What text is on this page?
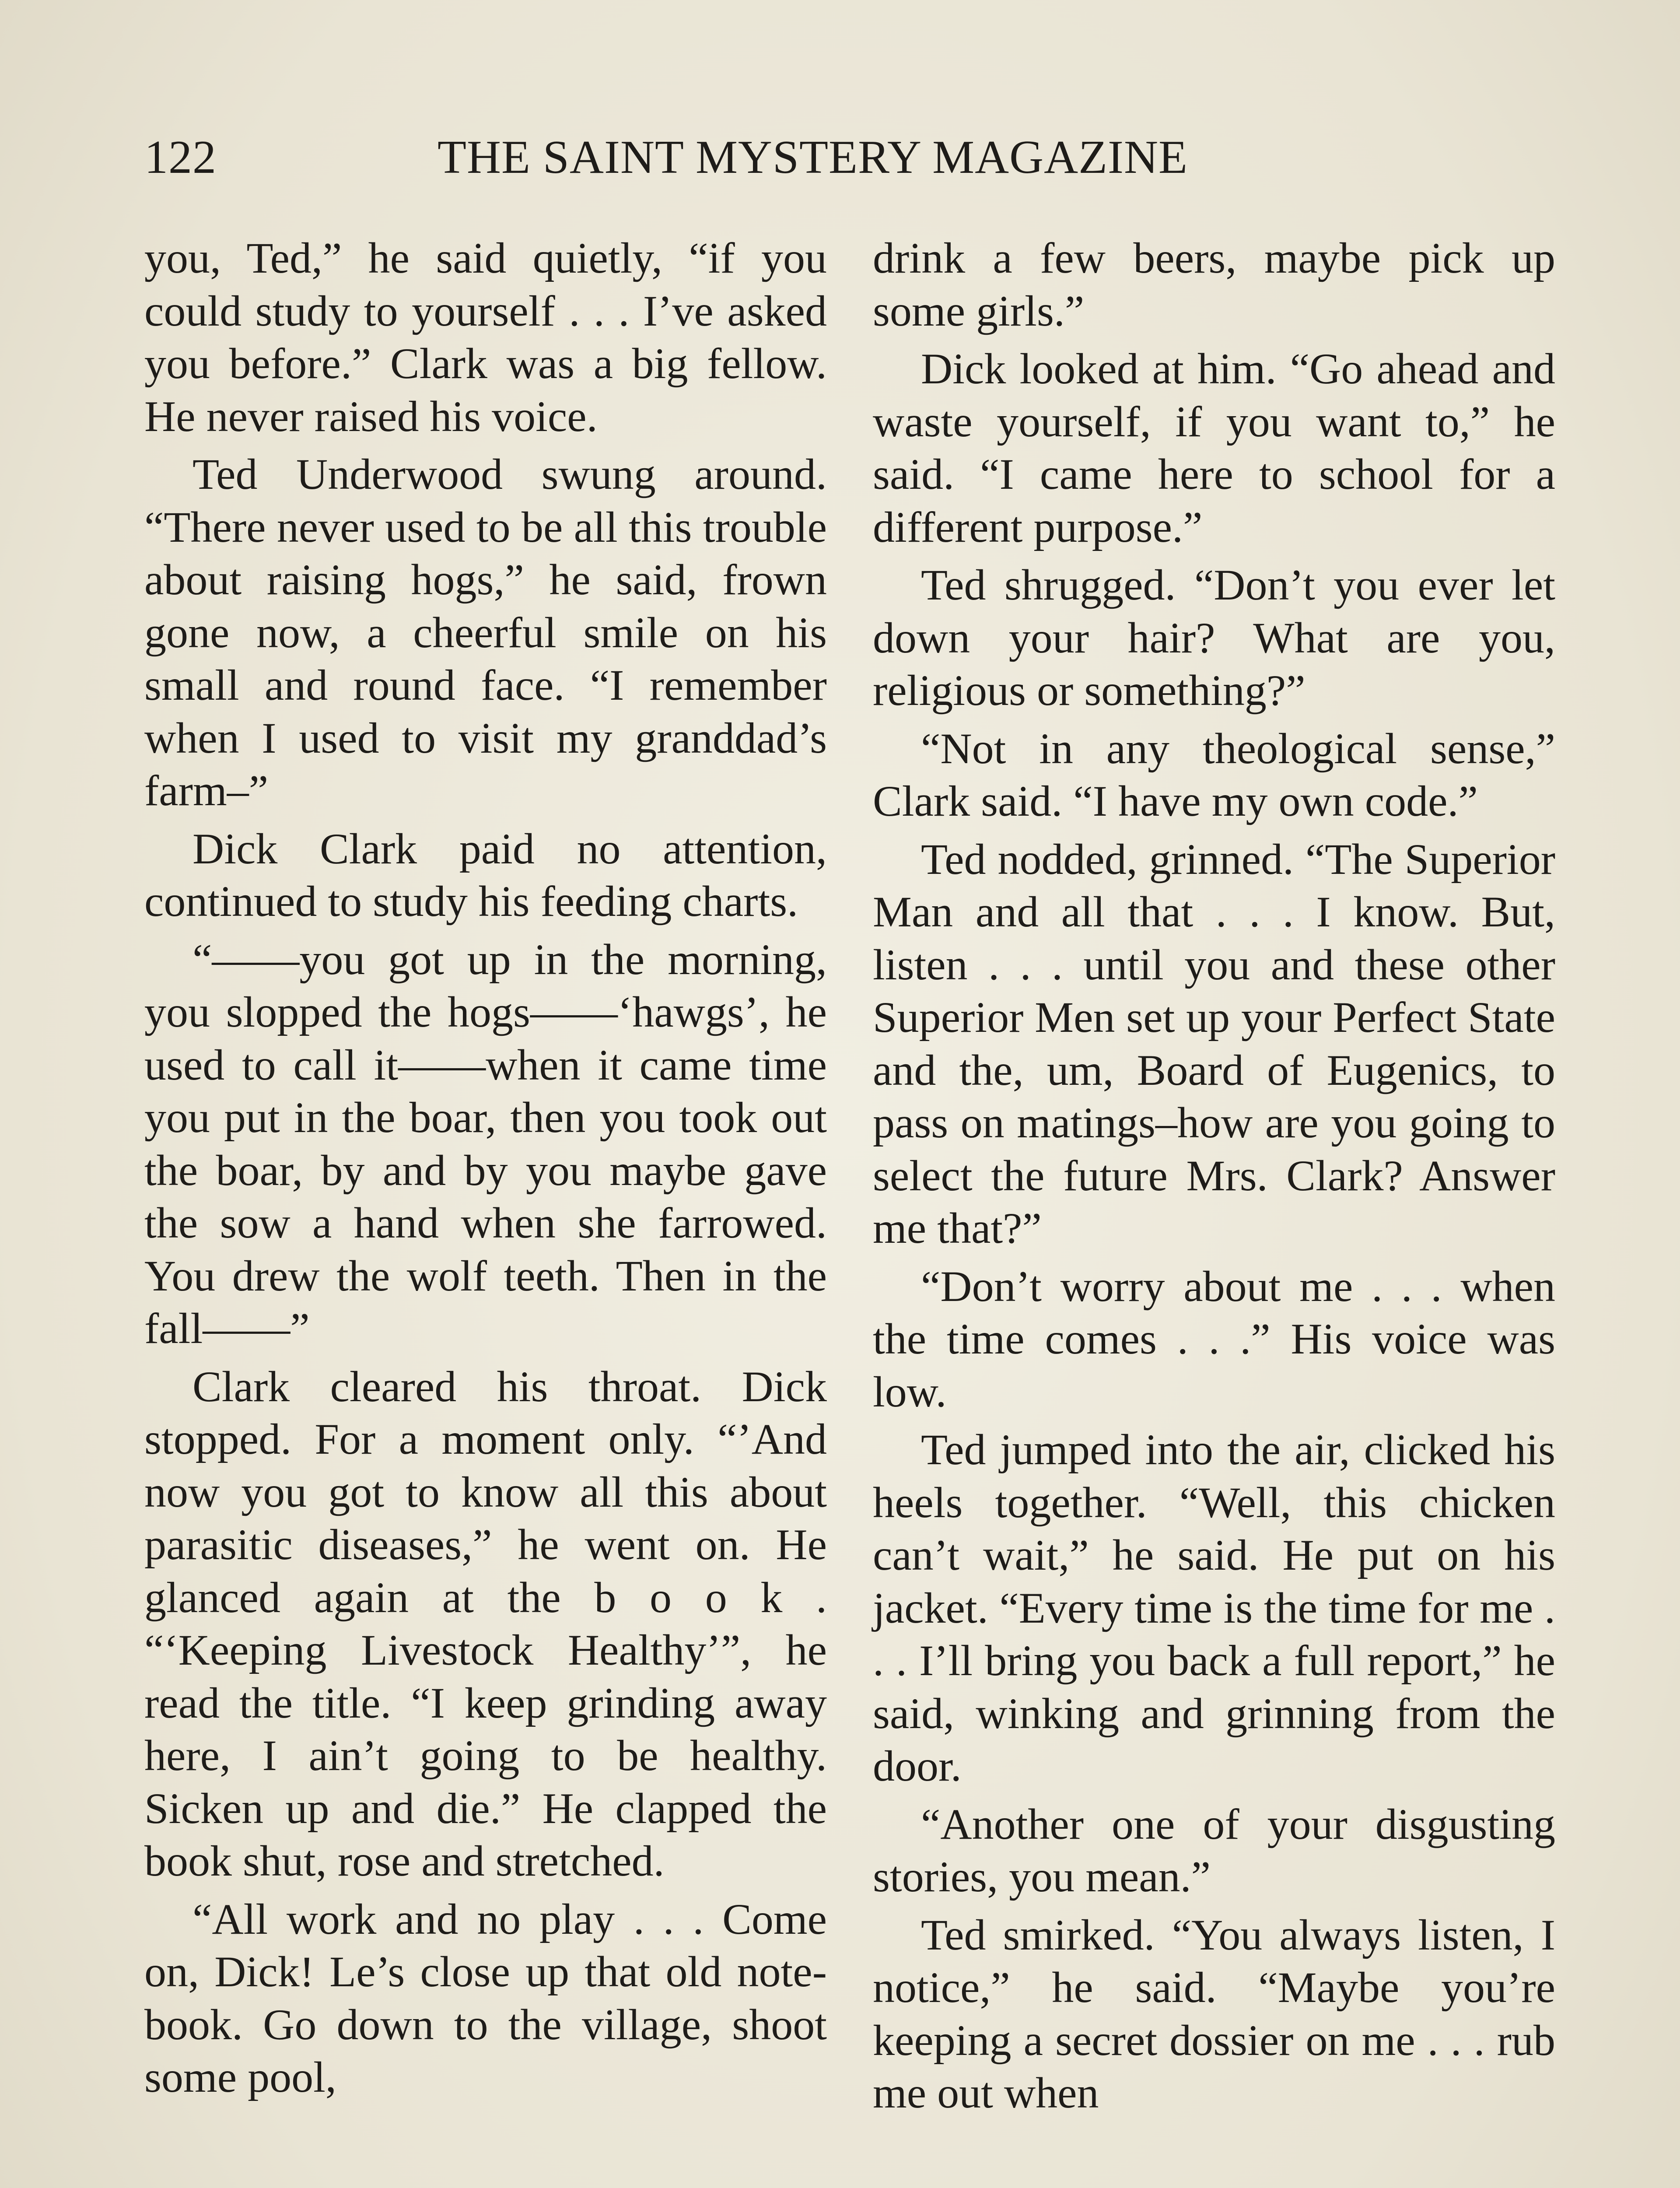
122	THE SAINT MYSTERY MAGAZINE

you, Ted,” he said quietly, “if you could study to yourself . . . I’ve asked you before.” Clark was a big fellow. He never raised his voice.

Ted Underwood swung around. “There never used to be all this trouble about raising hogs,” he said, frown gone now, a cheerful smile on his small and round face. “I remember when I used to visit my granddad’s farm–”

Dick Clark paid no attention, continued to study his feeding charts.

“——you got up in the morning, you slopped the hogs——‘hawgs’, he used to call it——when it came time you put in the boar, then you took out the boar, by and by you maybe gave the sow a hand when she farrowed. You drew the wolf teeth. Then in the fall——”

Clark cleared his throat. Dick stopped. For a moment only. “’And now you got to know all this about parasitic diseases,” he went on. He glanced again at the b o o k . “‘Keeping Livestock Healthy’”, he read the title. “I keep grinding away here, I ain’t going to be healthy. Sicken up and die.” He clapped the book shut, rose and stretched.

“All work and no play . . . Come on, Dick! Le’s close up that old note-book. Go down to the village, shoot some pool,

drink a few beers, maybe pick up some girls.”

Dick looked at him. “Go ahead and waste yourself, if you want to,” he said. “I came here to school for a different purpose.”

Ted shrugged. “Don’t you ever let down your hair? What are you, religious or something?”

“Not in any theological sense,” Clark said. “I have my own code.”

Ted nodded, grinned. “The Superior Man and all that . . . I know. But, listen . . . until you and these other Superior Men set up your Perfect State and the, um, Board of Eugenics, to pass on matings–how are you going to select the future Mrs. Clark? Answer me that?”

“Don’t worry about me . . . when the time comes . . .” His voice was low.

Ted jumped into the air, clicked his heels together. “Well, this chicken can’t wait,” he said. He put on his jacket. “Every time is the time for me . . . I’ll bring you back a full report,” he said, winking and grinning from the door.

“Another one of your disgusting stories, you mean.”

Ted smirked. “You always listen, I notice,” he said. “Maybe you’re keeping a secret dossier on me . . . rub me out when
